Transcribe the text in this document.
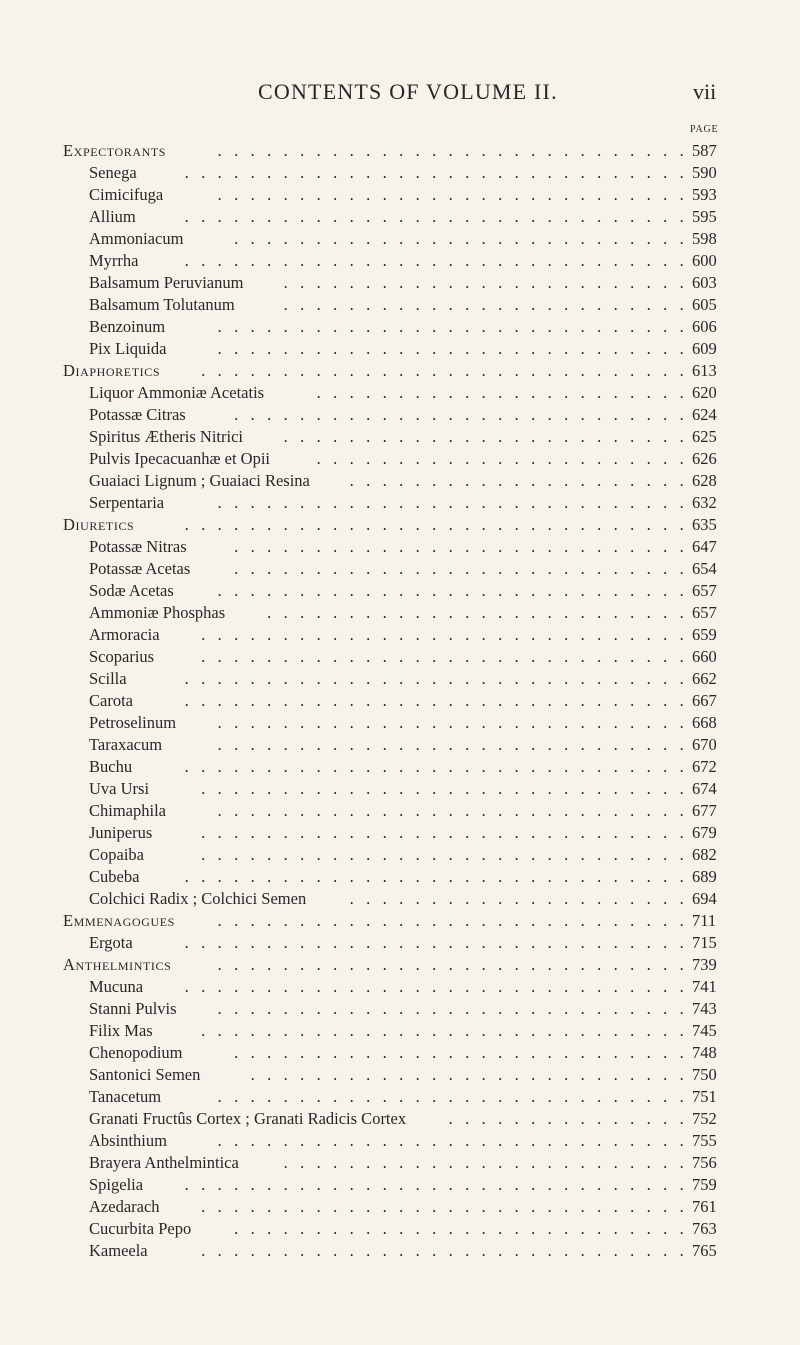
CONTENTS OF VOLUME II.	vii
PAGE
Expectorants	.   .   .   .   .   .   .   .   .   .   .   .   .   .   .   .   .   .   .   .   .   .   .   .   .   .   .   .   . 587
Senega	.   .   .   .   .   .   .   .   .   .   .   .   .   .   .   .   .   .   .   .   .   .   .   .   .   .   .   .   .   .   . 590
Cimicifuga	.   .   .   .   .   .   .   .   .   .   .   .   .   .   .   .   .   .   .   .   .   .   .   .   .   .   .   .   . 593
Allium	.   .   .   .   .   .   .   .   .   .   .   .   .   .   .   .   .   .   .   .   .   .   .   .   .   .   .   .   .   .   . 595
Ammoniacum	.   .   .   .   .   .   .   .   .   .   .   .   .   .   .   .   .   .   .   .   .   .   .   .   .   .   .   . 598
Myrrha	.   .   .   .   .   .   .   .   .   .   .   .   .   .   .   .   .   .   .   .   .   .   .   .   .   .   .   .   .   .   . 600
Balsamum Peruvianum .   .   .   .   .   .   .   .   .   .   .   .   .   .   .   .   .   .   .   .   .   .   .   .   . 603
Balsamum Tolutanum	.   .   .   .   .   .   .   .   .   .   .   .   .   .   .   .   .   .   .   .   .   .   .   .   . 605
Benzoinum	.   .   .   .   .   .   .   .   .   .   .   .   .   .   .   .   .   .   .   .   .   .   .   .   .   .   .   .   . 606
Pix Liquida	.   .   .   .   .   .   .   .   .   .   .   .   .   .   .   .   .   .   .   .   .   .   .   .   .   .   .   .   . 609
Diaphoretics .   .   .   .   .   .   .   .   .   .   .   .   .   .   .   .   .   .   .   .   .   .   .   .   .   .   .   .   .   . 613
Liquor Ammoniæ Acetatis	.   .   .   .   .   .   .   .   .   .   .   .   .   .   .   .   .   .   .   .   .   .   . 620
Potassæ Citras	.   .   .   .   .   .   .   .   .   .   .   .   .   .   .   .   .   .   .   .   .   .   .   .   .   .   .   . 624
Spiritus Ætheris Nitrici .   .   .   .   .   .   .   .   .   .   .   .   .   .   .   .   .   .   .   .   .   .   .   .   . 625
Pulvis Ipecacuanhæ et Opii	.   .   .   .   .   .   .   .   .   .   .   .   .   .   .   .   .   .   .   .   .   .   . 626
Guaiaci Lignum ; Guaiaci Resina .   .   .   .   .   .   .   .   .   .   .   .   .   .   .   .   .   .   .   .   . 628
Serpentaria	.   .   .   .   .   .   .   .   .   .   .   .   .   .   .   .   .   .   .   .   .   .   .   .   .   .   .   .   . 632
Diuretics	.   .   .   .   .   .   .   .   .   .   .   .   .   .   .   .   .   .   .   .   .   .   .   .   .   .   .   .   .   .   . 635
Potassæ Nitras	.   .   .   .   .   .   .   .   .   .   .   .   .   .   .   .   .   .   .   .   .   .   .   .   .   .   .   . 647
Potassæ Acetas .   .   .   .   .   .   .   .   .   .   .   .   .   .   .   .   .   .   .   .   .   .   .   .   .   .   .   . 654
Sodæ Acetas .   .   .   .   .   .   .   .   .   .   .   .   .   .   .   .   .   .   .   .   .   .   .   .   .   .   .   .   . 657
Ammoniæ Phosphas .   .   .   .   .   .   .   .   .   .   .   .   .   .   .   .   .   .   .   .   .   .   .   .   .   . 657
Armoracia .   .   .   .   .   .   .   .   .   .   .   .   .   .   .   .   .   .   .   .   .   .   .   .   .   .   .   .   .   . 659
Scoparius	.   .   .   .   .   .   .   .   .   .   .   .   .   .   .   .   .   .   .   .   .   .   .   .   .   .   .   .   .   . 660
Scilla	.   .   .   .   .   .   .   .   .   .   .   .   .   .   .   .   .   .   .   .   .   .   .   .   .   .   .   .   .   .   . 662
Carota	.   .   .   .   .   .   .   .   .   .   .   .   .   .   .   .   .   .   .   .   .   .   .   .   .   .   .   .   .   .   . 667
Petroselinum .   .   .   .   .   .   .   .   .   .   .   .   .   .   .   .   .   .   .   .   .   .   .   .   .   .   .   .   . 668
Taraxacum	.   .   .   .   .   .   .   .   .   .   .   .   .   .   .   .   .   .   .   .   .   .   .   .   .   .   .   .   . 670
Buchu	.   .   .   .   .   .   .   .   .   .   .   .   .   .   .   .   .   .   .   .   .   .   .   .   .   .   .   .   .   .   . 672
Uva Ursi	.   .   .   .   .   .   .   .   .   .   .   .   .   .   .   .   .   .   .   .   .   .   .   .   .   .   .   .   .   . 674
Chimaphila	.   .   .   .   .   .   .   .   .   .   .   .   .   .   .   .   .   .   .   .   .   .   .   .   .   .   .   .   . 677
Juniperus	.   .   .   .   .   .   .   .   .   .   .   .   .   .   .   .   .   .   .   .   .   .   .   .   .   .   .   .   .   . 679
Copaiba	.   .   .   .   .   .   .   .   .   .   .   .   .   .   .   .   .   .   .   .   .   .   .   .   .   .   .   .   .   . 682
Cubeba .   .   .   .   .   .   .   .   .   .   .   .   .   .   .   .   .   .   .   .   .   .   .   .   .   .   .   .   .   .   . 689
Colchici Radix ; Colchici Semen .   .   .   .   .   .   .   .   .   .   .   .   .   .   .   .   .   .   .   .   . 694
Emmenagogues .   .   .   .   .   .   .   .   .   .   .   .   .   .   .   .   .   .   .   .   .   .   .   .   .   .   .   .   . 711
Ergota	.   .   .   .   .   .   .   .   .   .   .   .   .   .   .   .   .   .   .   .   .   .   .   .   .   .   .   .   .   .   . 715
Anthelmintics	.   .   .   .   .   .   .   .   .   .   .   .   .   .   .   .   .   .   .   .   .   .   .   .   .   .   .   .   . 739
Mucuna .   .   .   .   .   .   .   .   .   .   .   .   .   .   .   .   .   .   .   .   .   .   .   .   .   .   .   .   .   .   . 741
Stanni Pulvis .   .   .   .   .   .   .   .   .   .   .   .   .   .   .   .   .   .   .   .   .   .   .   .   .   .   .   .   . 743
Filix Mas	.   .   .   .   .   .   .   .   .   .   .   .   .   .   .   .   .   .   .   .   .   .   .   .   .   .   .   .   .   . 745
Chenopodium	.   .   .   .   .   .   .   .   .   .   .   .   .   .   .   .   .   .   .   .   .   .   .   .   .   .   .   . 748
Santonici Semen	.   .   .   .   .   .   .   .   .   .   .   .   .   .   .   .   .   .   .   .   .   .   .   .   .   .   . 750
Tanacetum	.   .   .   .   .   .   .   .   .   .   .   .   .   .   .   .   .   .   .   .   .   .   .   .   .   .   .   .   . 751
Granati Fructûs Cortex ; Granati Radicis Cortex .   .   .   .   .   .   .   .   .   .   .   .   .   .   . 752
Absinthium	.   .   .   .   .   .   .   .   .   .   .   .   .   .   .   .   .   .   .   .   .   .   .   .   .   .   .   .   . 755
Brayera Anthelmintica .   .   .   .   .   .   .   .   .   .   .   .   .   .   .   .   .   .   .   .   .   .   .   .   . 756
Spigelia .   .   .   .   .   .   .   .   .   .   .   .   .   .   .   .   .   .   .   .   .   .   .   .   .   .   .   .   .   .   . 759
Azedarach .   .   .   .   .   .   .   .   .   .   .   .   .   .   .   .   .   .   .   .   .   .   .   .   .   .   .   .   .   . 761
Cucurbita Pepo .   .   .   .   .   .   .   .   .   .   .   .   .   .   .   .   .   .   .   .   .   .   .   .   .   .   .   . 763
Kameela	.   .   .   .   .   .   .   .   .   .   .   .   .   .   .   .   .   .   .   .   .   .   .   .   .   .   .   .   .   . 765
